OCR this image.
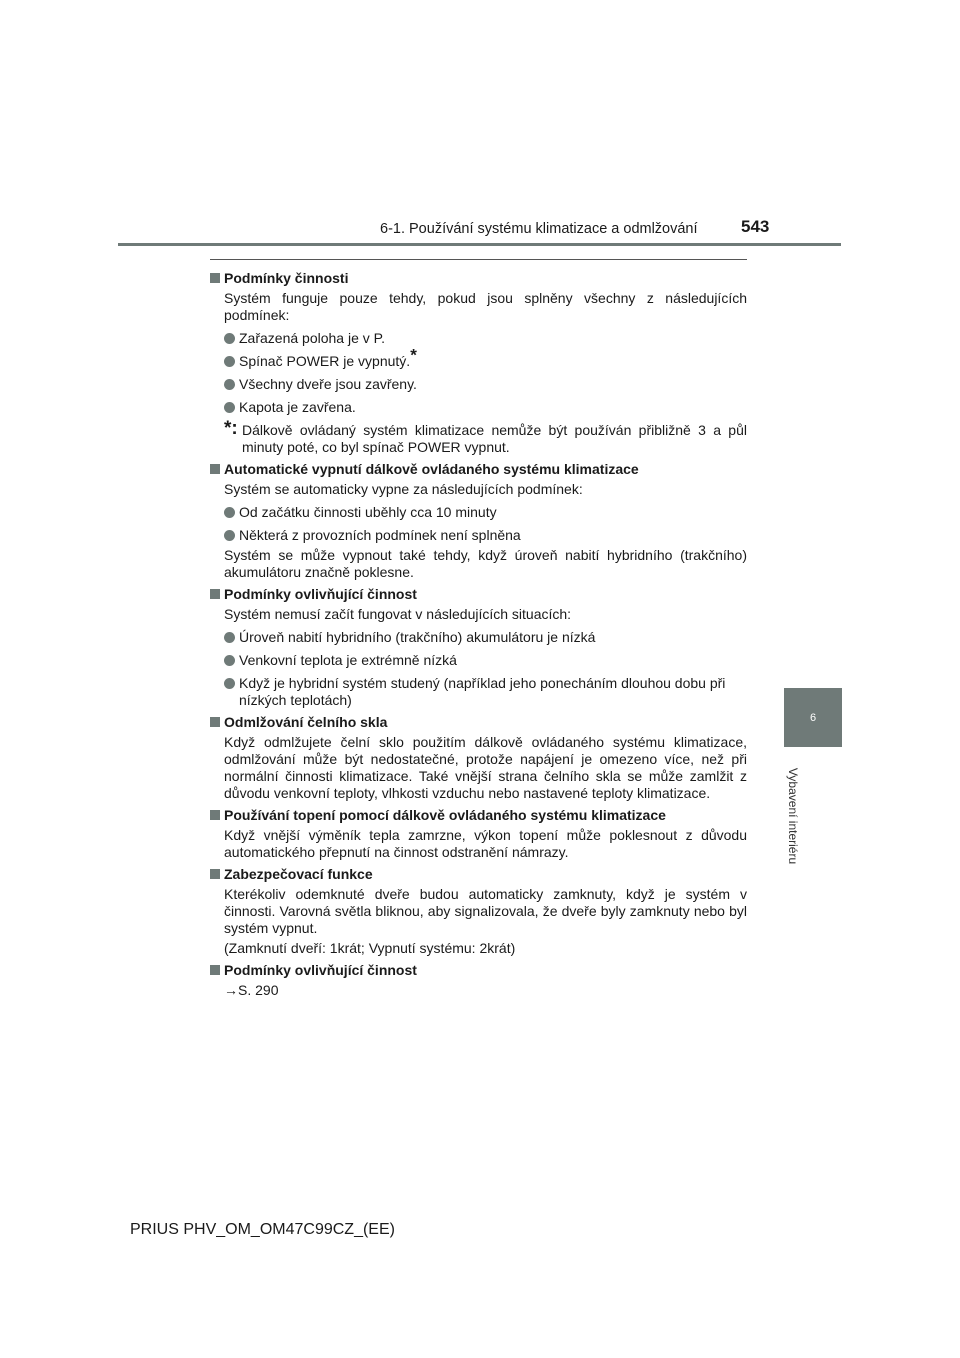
6-1. Používání systému klimatizace a odmlžování	543
6
Vybavení interiéru
Podmínky činnosti
Systém funguje pouze tehdy, pokud jsou splněny všechny z následujících podmínek:
Zařazená poloha je v P.
Spínač POWER je vypnutý.*
Všechny dveře jsou zavřeny.
Kapota je zavřena.
*: Dálkově ovládaný systém klimatizace nemůže být používán přibližně 3 a půl minuty poté, co byl spínač POWER vypnut.
Automatické vypnutí dálkově ovládaného systému klimatizace
Systém se automaticky vypne za následujících podmínek:
Od začátku činnosti uběhly cca 10 minuty
Některá z provozních podmínek není splněna
Systém se může vypnout také tehdy, když úroveň nabití hybridního (trakčního) akumulátoru značně poklesne.
Podmínky ovlivňující činnost
Systém nemusí začít fungovat v následujících situacích:
Úroveň nabití hybridního (trakčního) akumulátoru je nízká
Venkovní teplota je extrémně nízká
Když je hybridní systém studený (například jeho ponecháním dlouhou dobu při nízkých teplotách)
Odmlžování čelního skla
Když odmlžujete čelní sklo použitím dálkově ovládaného systému klimatizace, odmlžování může být nedostatečné, protože napájení je omezeno více, než při normální činnosti klimatizace. Také vnější strana čelního skla se může zamlžit z důvodu venkovní teploty, vlhkosti vzduchu nebo nastavené teploty klimatizace.
Používání topení pomocí dálkově ovládaného systému klimatizace
Když vnější výměník tepla zamrzne, výkon topení může poklesnout z důvodu automatického přepnutí na činnost odstranění námrazy.
Zabezpečovací funkce
Kterékoliv odemknuté dveře budou automaticky zamknuty, když je systém v činnosti. Varovná světla bliknou, aby signalizovala, že dveře byly zamknuty nebo byl systém vypnut.
(Zamknutí dveří: 1krát; Vypnutí systému: 2krát)
Podmínky ovlivňující činnost
→S. 290
PRIUS PHV_OM_OM47C99CZ_(EE)
